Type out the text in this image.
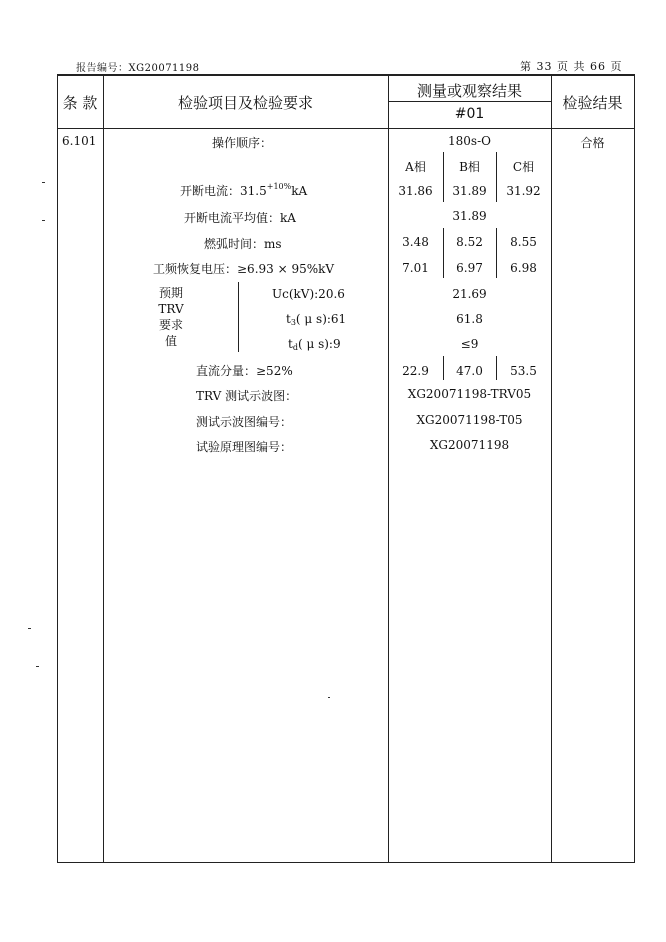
报告编号：XG20071198	第 33 页 共 66 页
条 款	检验项目及检验要求
测量或观察结果
#01
检验结果
6.101	合格
操作顺序：	180s-O
A相	B相	C相
开断电流：$31.5^{+10\%}kA$	31.86	31.89	31.92
开断电流平均值：kA	31.89
燃弧时间：ms	3.48	8.52	8.55
工频恢复电压：≥6.93 × 95%kV	7.01	6.97	6.98
预期
TRV
要求
值
Uc(kV):20.6	21.69
$t_3$( μ s):61	61.8
$t_d$( μ s):9	≤9
直流分量：≥52%	22.9	47.0	53.5
TRV 测试示波图：	XG20071198-TRV05
测试示波图编号：	XG20071198-T05
试验原理图编号：	XG20071198
